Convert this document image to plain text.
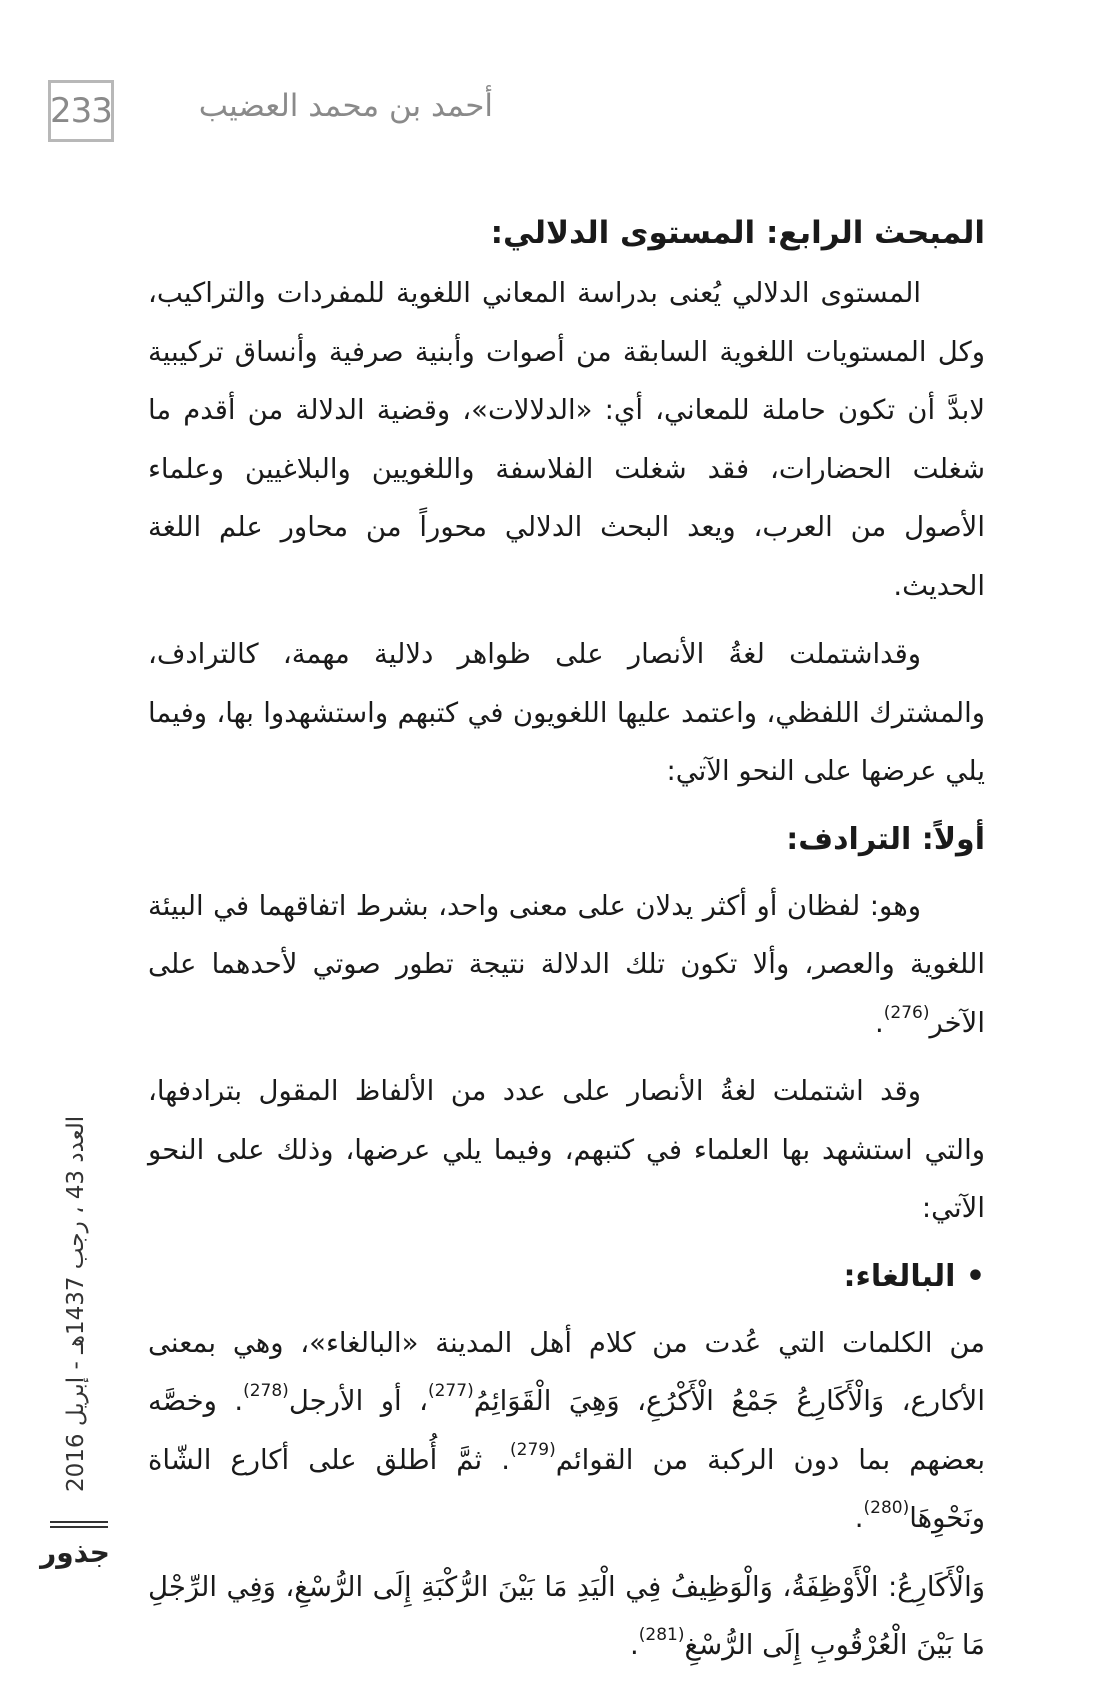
233	أحمد بن محمد العضيب
المبحث الرابع: المستوى الدلالي:

المستوى الدلالي يُعنى بدراسة المعاني اللغوية للمفردات والتراكيب، وكل المستويات اللغوية السابقة من أصوات وأبنية صرفية وأنساق تركيبية لابدَّ أن تكون حاملة للمعاني، أي: «الدلالات»، وقضية الدلالة من أقدم ما شغلت الحضارات، فقد شغلت الفلاسفة واللغويين والبلاغيين وعلماء الأصول من العرب، ويعد البحث الدلالي محوراً من محاور علم اللغة الحديث.

وقداشتملت لغةُ الأنصار على ظواهر دلالية مهمة، كالترادف، والمشترك اللفظي، واعتمد عليها اللغويون في كتبهم واستشهدوا بها، وفيما يلي عرضها على النحو الآتي:

أولاً: الترادف:

وهو: لفظان أو أكثر يدلان على معنى واحد، بشرط اتفاقهما في البيئة اللغوية والعصر، وألا تكون تلك الدلالة نتيجة تطور صوتي لأحدهما على الآخر$^{(276)}$.

وقد اشتملت لغةُ الأنصار على عدد من الألفاظ المقول بترادفها، والتي استشهد بها العلماء في كتبهم، وفيما يلي عرضها، وذلك على النحو الآتي:

• البالغاء:

من الكلمات التي عُدت من كلام أهل المدينة «البالغاء»، وهي بمعنى الأكارع، وَالْأَكَارِعُ جَمْعُ الْأَكْرُعِ، وَهِيَ الْقَوَائِمُ$^{(277)}$، أو الأرجل$^{(278)}$. وخصَّه بعضهم بما دون الركبة من القوائم$^{(279)}$. ثمَّ أُطلق على أكارع الشّاة ونَحْوِهَا$^{(280)}$.

وَالْأَكَارِعُ: الْأَوْظِفَةُ، وَالْوَظِيفُ فِي الْيَدِ مَا بَيْنَ الرُّكْبَةِ إِلَى الرُّسْغِ، وَفِي الرِّجْلِ مَا بَيْنَ الْعُرْقُوبِ إِلَى الرُّسْغِ$^{(281)}$.

العدد 43 ، رجب 1437هـ - إبريل 2016
جذور
